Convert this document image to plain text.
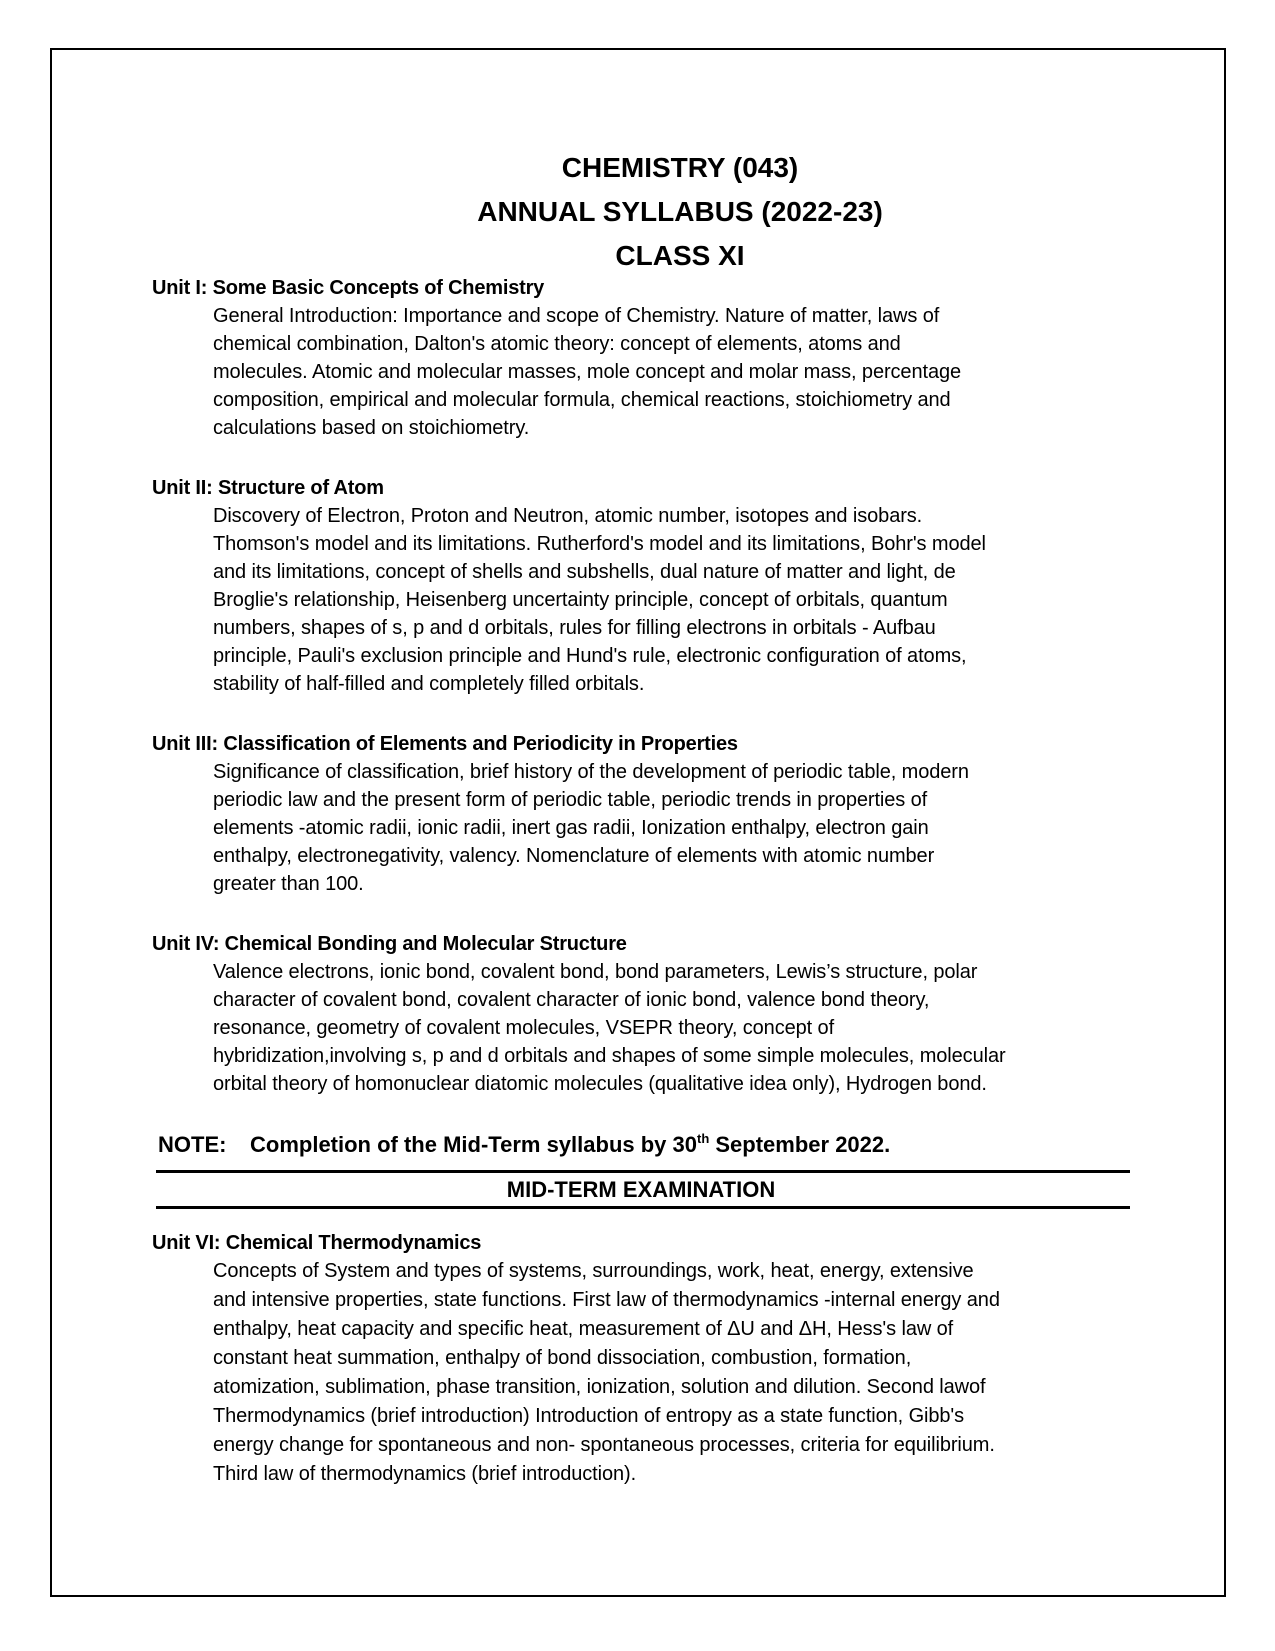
CHEMISTRY (043)
ANNUAL SYLLABUS (2022-23)
CLASS XI
Unit I: Some Basic Concepts of Chemistry
General Introduction: Importance and scope of Chemistry. Nature of matter, laws of
chemical combination, Dalton's atomic theory: concept of elements, atoms and
molecules. Atomic and molecular masses, mole concept and molar mass, percentage
composition, empirical and molecular formula, chemical reactions, stoichiometry and
calculations based on stoichiometry.
Unit II: Structure of Atom
Discovery of Electron, Proton and Neutron, atomic number, isotopes and isobars.
Thomson's model and its limitations. Rutherford's model and its limitations, Bohr's model
and its limitations, concept of shells and subshells, dual nature of matter and light, de
Broglie's relationship, Heisenberg uncertainty principle, concept of orbitals, quantum
numbers, shapes of s, p and d orbitals, rules for filling electrons in orbitals - Aufbau
principle, Pauli's exclusion principle and Hund's rule, electronic configuration of atoms,
stability of half-filled and completely filled orbitals.
Unit III: Classification of Elements and Periodicity in Properties
Significance of classification, brief history of the development of periodic table, modern
periodic law and the present form of periodic table, periodic trends in properties of
elements -atomic radii, ionic radii, inert gas radii, Ionization enthalpy, electron gain
enthalpy, electronegativity, valency. Nomenclature of elements with atomic number
greater than 100.
Unit IV: Chemical Bonding and Molecular Structure
Valence electrons, ionic bond, covalent bond, bond parameters, Lewis’s structure, polar
character of covalent bond, covalent character of ionic bond, valence bond theory,
resonance, geometry of covalent molecules, VSEPR theory, concept of
hybridization,involving s, p and d orbitals and shapes of some simple molecules, molecular
orbital theory of homonuclear diatomic molecules (qualitative idea only), Hydrogen bond.
NOTE: Completion of the Mid-Term syllabus by 30th September 2022.
MID-TERM EXAMINATION
Unit VI: Chemical Thermodynamics
Concepts of System and types of systems, surroundings, work, heat, energy, extensive
and intensive properties, state functions. First law of thermodynamics -internal energy and
enthalpy, heat capacity and specific heat, measurement of ΔU and ΔH, Hess's law of
constant heat summation, enthalpy of bond dissociation, combustion, formation,
atomization, sublimation, phase transition, ionization, solution and dilution. Second lawof
Thermodynamics (brief introduction) Introduction of entropy as a state function, Gibb's
energy change for spontaneous and non- spontaneous processes, criteria for equilibrium.
Third law of thermodynamics (brief introduction).
